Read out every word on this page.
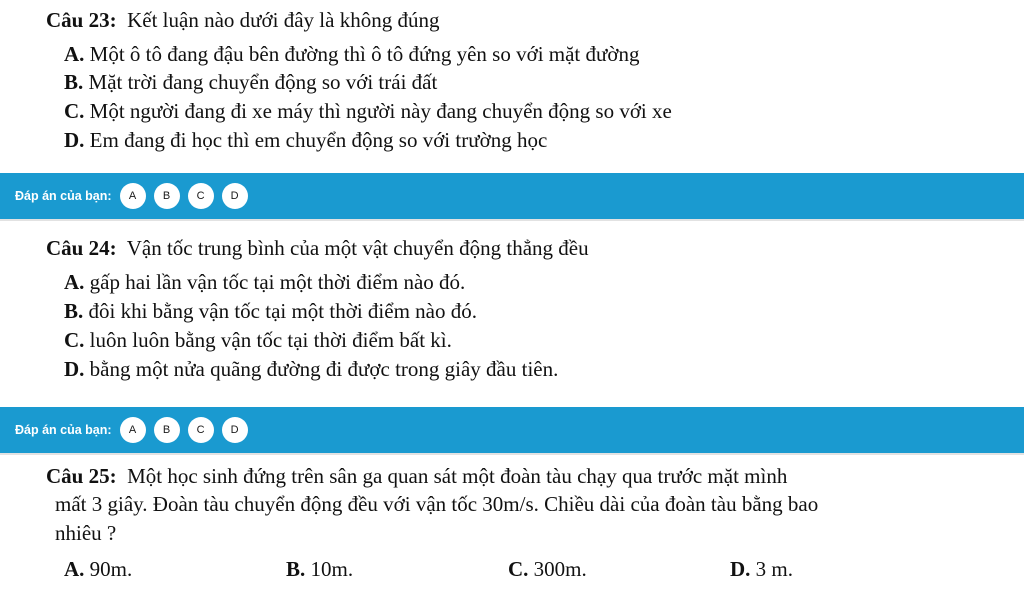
Câu 23: Kết luận nào dưới đây là không đúng
A. Một ô tô đang đậu bên đường thì ô tô đứng yên so với mặt đường
B. Mặt trời đang chuyển động so với trái đất
C. Một người đang đi xe máy thì người này đang chuyển động so với xe
D. Em đang đi học thì em chuyển động so với trường học
Đáp án của bạn:	A	B	C	D
Câu 24: Vận tốc trung bình của một vật chuyển động thẳng đều
A. gấp hai lần vận tốc tại một thời điểm nào đó.
B. đôi khi bằng vận tốc tại một thời điểm nào đó.
C. luôn luôn bằng vận tốc tại thời điểm bất kì.
D. bằng một nửa quãng đường đi được trong giây đầu tiên.
Đáp án của bạn:	A	B	C	D
Câu 25: Một học sinh đứng trên sân ga quan sát một đoàn tàu chạy qua trước mặt mình
mất 3 giây. Đoàn tàu chuyển động đều với vận tốc 30m/s. Chiều dài của đoàn tàu bằng bao
nhiêu ?
A. 90m.	B. 10m.	C. 300m.	D. 3 m.
